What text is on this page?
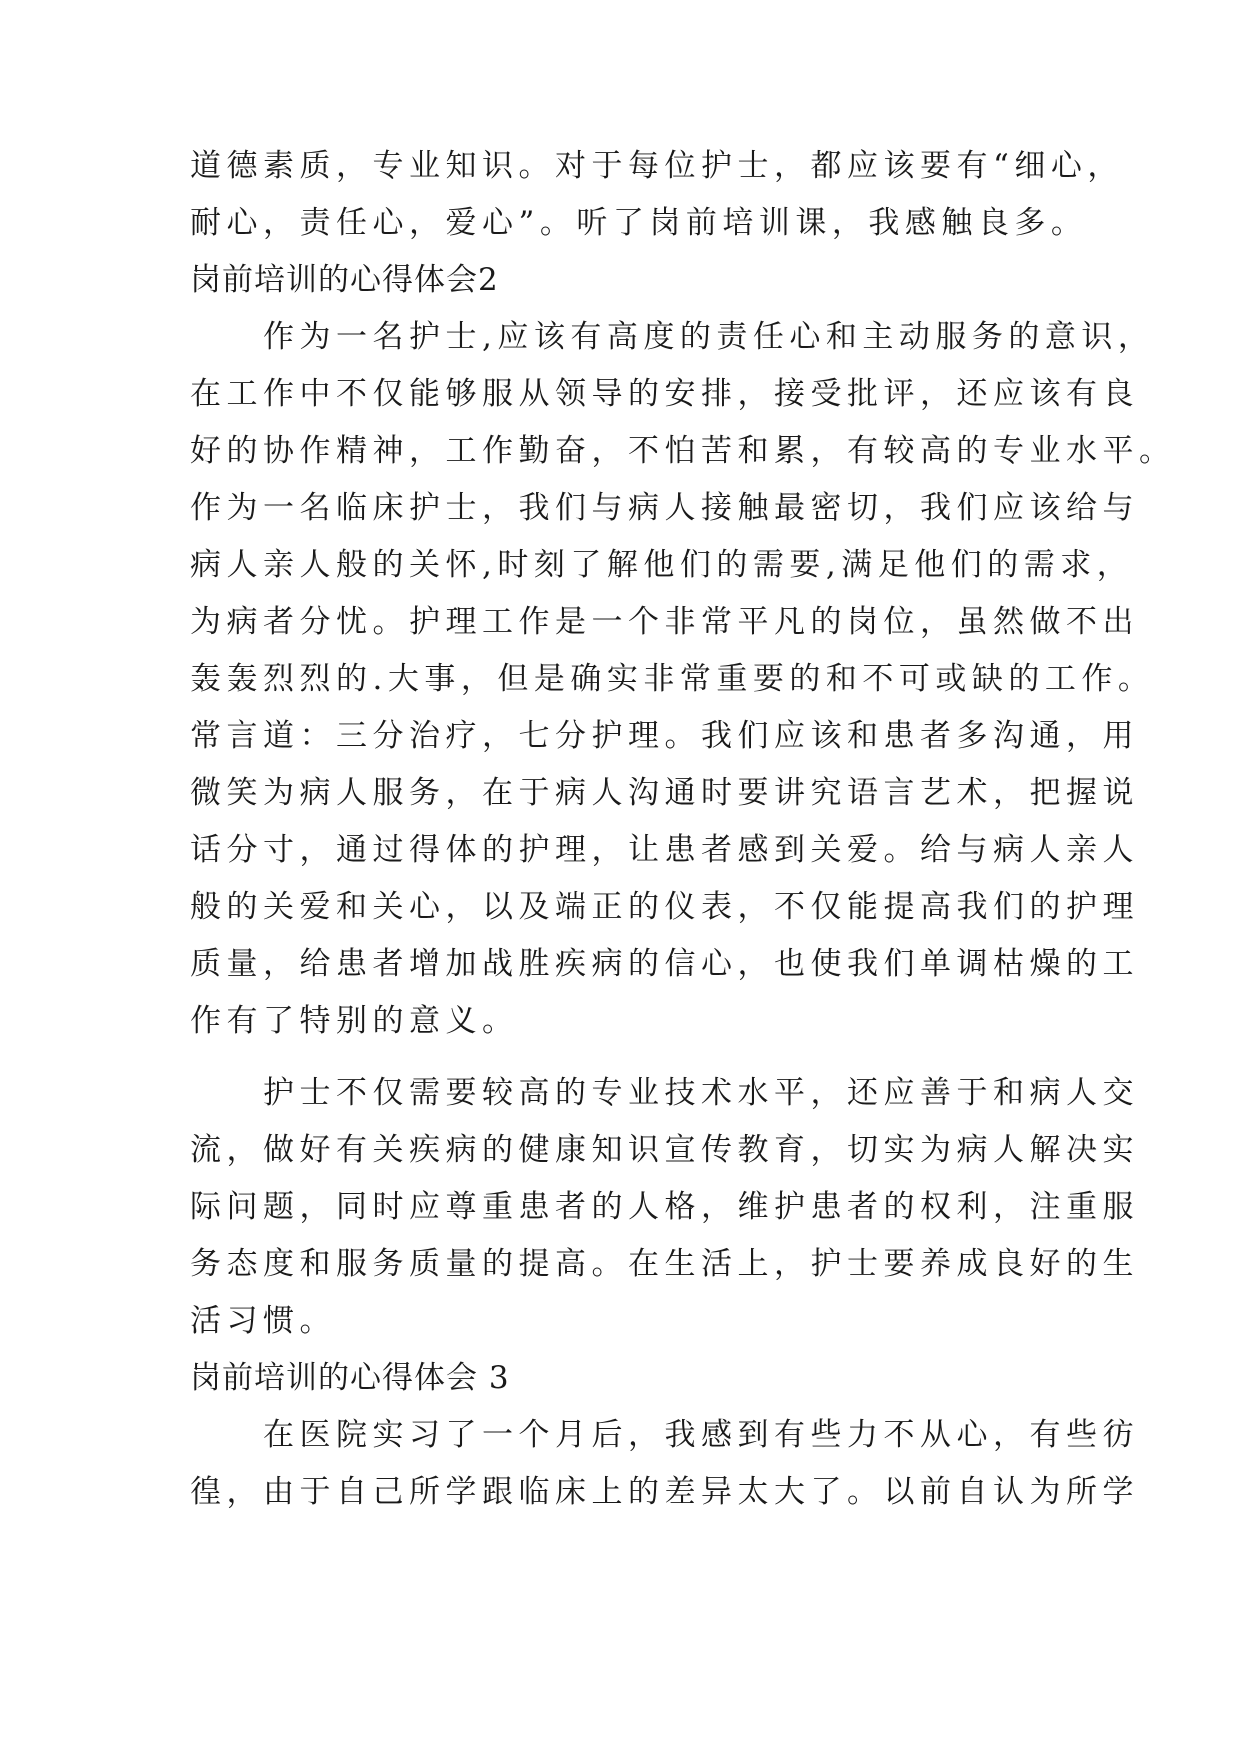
道德素质，专业知识。对于每位护士，都应该要有“细心，
耐心，责任心，爱心”。听了岗前培训课，我感触良多。
岗前培训的心得体会2
　　作为一名护士,应该有高度的责任心和主动服务的意识，
在工作中不仅能够服从领导的安排，接受批评，还应该有良
好的协作精神，工作勤奋，不怕苦和累，有较高的专业水平。
作为一名临床护士，我们与病人接触最密切，我们应该给与
病人亲人般的关怀,时刻了解他们的需要,满足他们的需求，
为病者分忧。护理工作是一个非常平凡的岗位，虽然做不出
轰轰烈烈的.大事，但是确实非常重要的和不可或缺的工作。
常言道：三分治疗，七分护理。我们应该和患者多沟通，用
微笑为病人服务，在于病人沟通时要讲究语言艺术，把握说
话分寸，通过得体的护理，让患者感到关爱。给与病人亲人
般的关爱和关心，以及端正的仪表，不仅能提高我们的护理
质量，给患者增加战胜疾病的信心，也使我们单调枯燥的工
作有了特别的意义。
　　护士不仅需要较高的专业技术水平，还应善于和病人交
流，做好有关疾病的健康知识宣传教育，切实为病人解决实
际问题，同时应尊重患者的人格，维护患者的权利，注重服
务态度和服务质量的提高。在生活上，护士要养成良好的生
活习惯。
岗前培训的心得体会 3
　　在医院实习了一个月后，我感到有些力不从心，有些彷
徨，由于自己所学跟临床上的差异太大了。以前自认为所学
